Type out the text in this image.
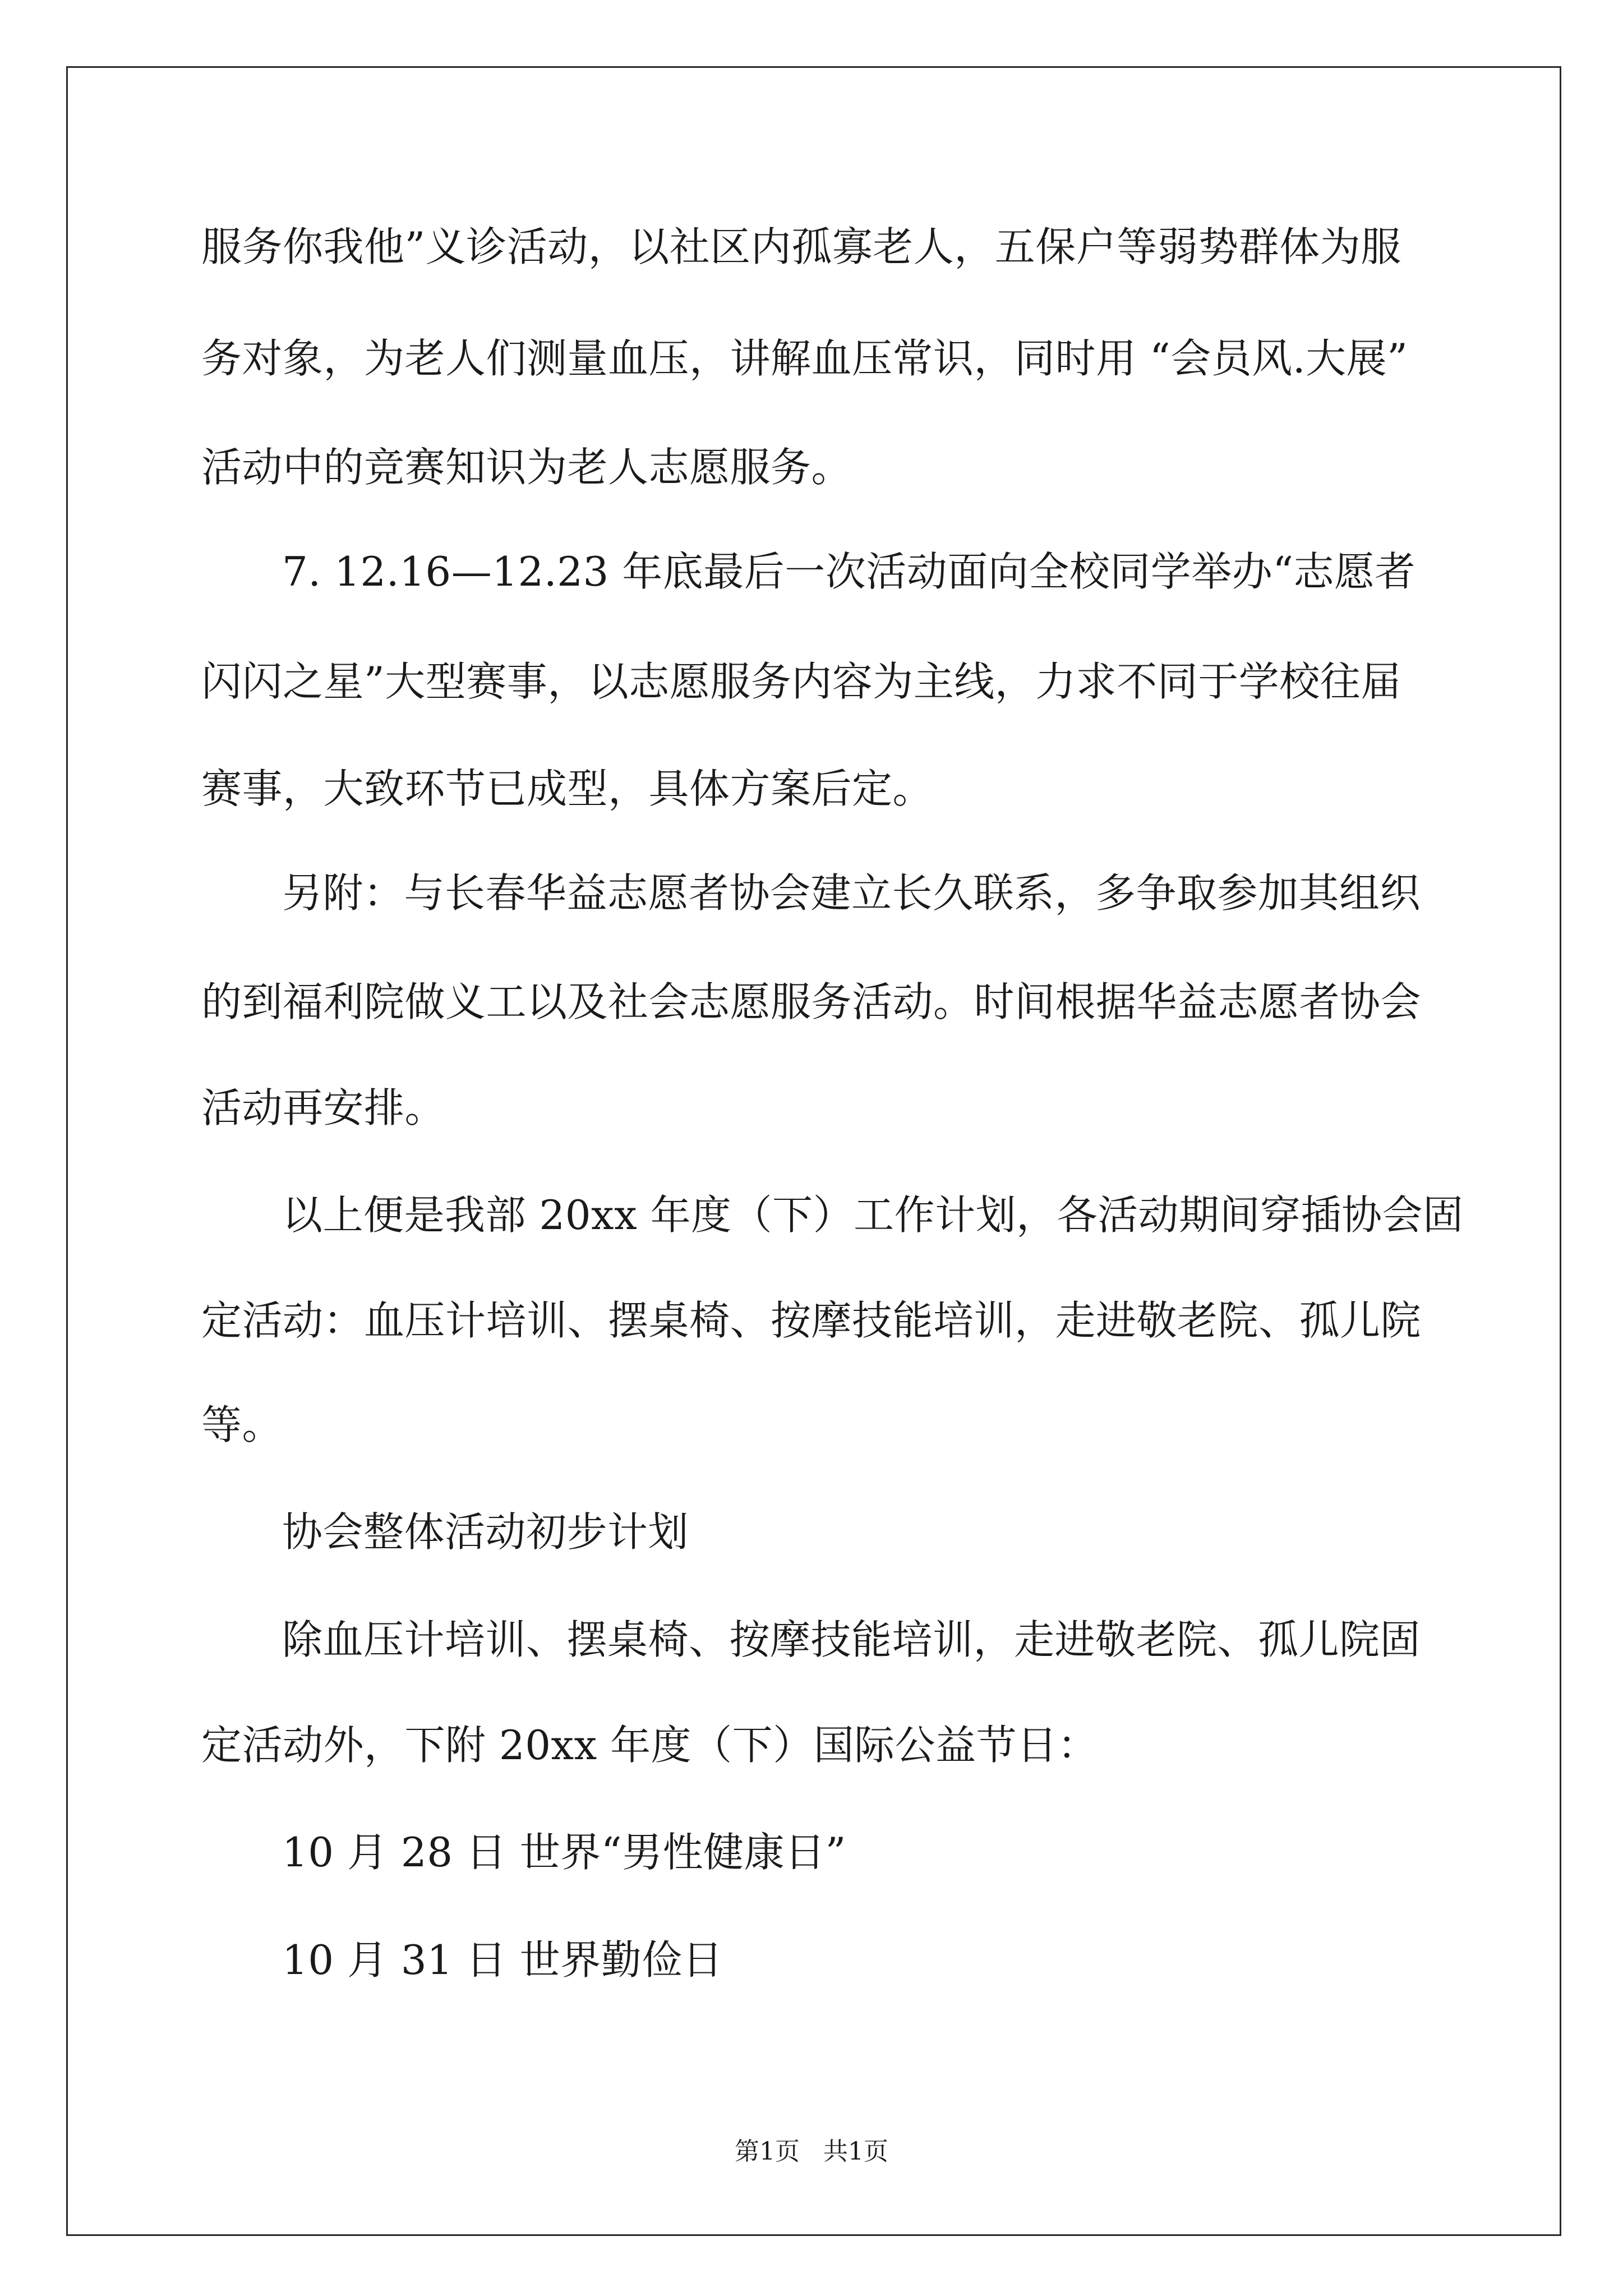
服务你我他”义诊活动，以社区内孤寡老人，五保户等弱势群体为服
务对象，为老人们测量血压，讲解血压常识，同时用 “会员风.大展”
活动中的竞赛知识为老人志愿服务。
7. 12.16—12.23 年底最后一次活动面向全校同学举办“志愿者
闪闪之星”大型赛事，以志愿服务内容为主线，力求不同于学校往届
赛事，大致环节已成型，具体方案后定。
另附：与长春华益志愿者协会建立长久联系，多争取参加其组织
的到福利院做义工以及社会志愿服务活动。时间根据华益志愿者协会
活动再安排。
以上便是我部 20xx 年度（下）工作计划，各活动期间穿插协会固
定活动：血压计培训、摆桌椅、按摩技能培训，走进敬老院、孤儿院
等。
协会整体活动初步计划
除血压计培训、摆桌椅、按摩技能培训，走进敬老院、孤儿院固
定活动外，下附 20xx 年度（下）国际公益节日：
10 月 28 日 世界“男性健康日”
10 月 31 日 世界勤俭日
第1页   共1页
